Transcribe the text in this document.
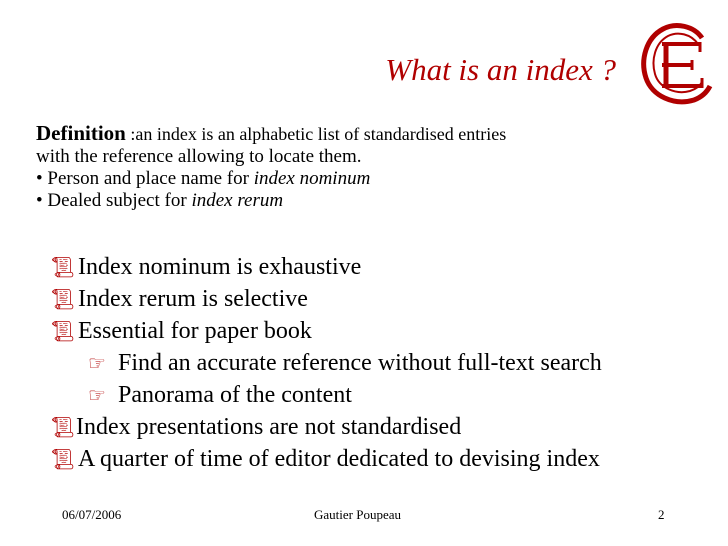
What is an index ?
Definition :an index is an alphabetic list of standardised entries
with the reference allowing to locate them.
• Person and place name for index nominum
• Dealed subject for index rerum
📜︎ Index nominum is exhaustive
📜︎ Index rerum is selective
📜︎ Essential for paper book
☞ Find an accurate reference without full-text search
☞ Panorama of the content
📜︎Index presentations are not standardised
📜︎ A quarter of time of editor dedicated to devising index
06/07/2006	Gautier Poupeau	2
